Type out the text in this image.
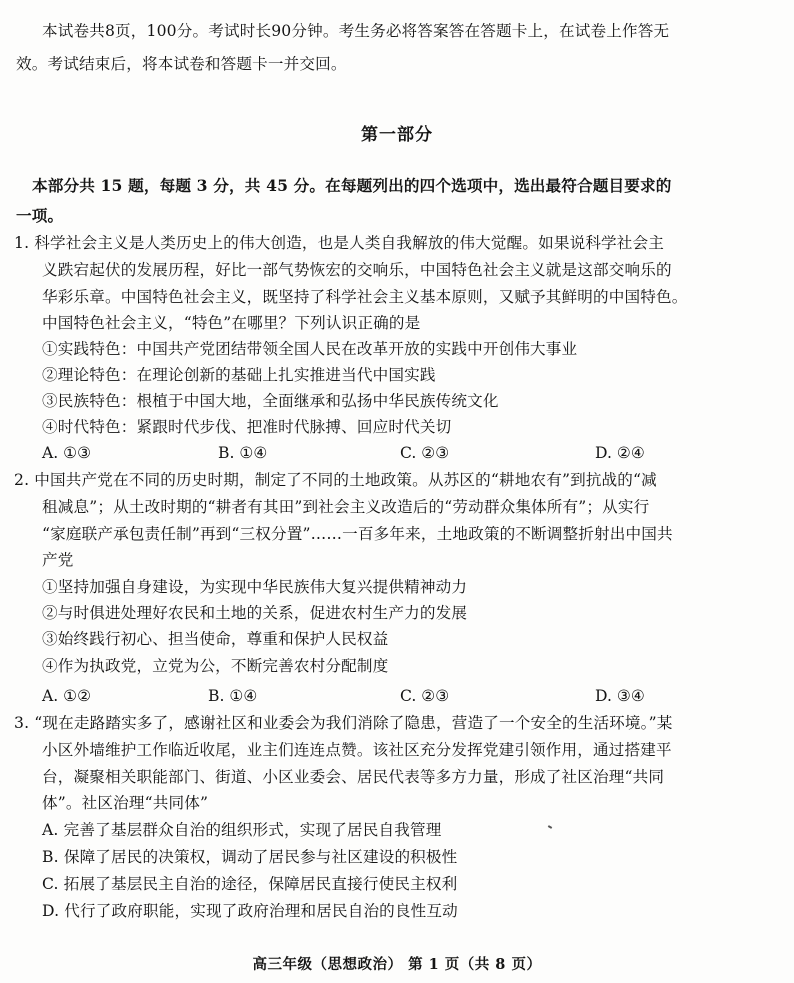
本试卷共8页，100分。考试时长90分钟。考生务必将答案答在答题卡上，在试卷上作答无
效。考试结束后，将本试卷和答题卡一并交回。
第一部分
本部分共 15 题，每题 3 分，共 45 分。在每题列出的四个选项中，选出最符合题目要求的
一项。
1. 科学社会主义是人类历史上的伟大创造，也是人类自我解放的伟大觉醒。如果说科学社会主
义跌宕起伏的发展历程，好比一部气势恢宏的交响乐，中国特色社会主义就是这部交响乐的
华彩乐章。中国特色社会主义，既坚持了科学社会主义基本原则，又赋予其鲜明的中国特色。
中国特色社会主义，“特色”在哪里？下列认识正确的是
①实践特色：中国共产党团结带领全国人民在改革开放的实践中开创伟大事业
②理论特色：在理论创新的基础上扎实推进当代中国实践
③民族特色：根植于中国大地，全面继承和弘扬中华民族传统文化
④时代特色：紧跟时代步伐、把准时代脉搏、回应时代关切
A. ①③	B. ①④	C. ②③	D. ②④
2. 中国共产党在不同的历史时期，制定了不同的土地政策。从苏区的“耕地农有”到抗战的“减
租减息”；从土改时期的“耕者有其田”到社会主义改造后的“劳动群众集体所有”；从实行
“家庭联产承包责任制”再到“三权分置”……一百多年来，土地政策的不断调整折射出中国共
产党
①坚持加强自身建设，为实现中华民族伟大复兴提供精神动力
②与时俱进处理好农民和土地的关系，促进农村生产力的发展
③始终践行初心、担当使命，尊重和保护人民权益
④作为执政党，立党为公，不断完善农村分配制度
A. ①②	B. ①④	C. ②③	D. ③④
3. “现在走路踏实多了，感谢社区和业委会为我们消除了隐患，营造了一个安全的生活环境。”某
小区外墙维护工作临近收尾，业主们连连点赞。该社区充分发挥党建引领作用，通过搭建平
台，凝聚相关职能部门、街道、小区业委会、居民代表等多方力量，形成了社区治理“共同
体”。社区治理“共同体”
A. 完善了基层群众自治的组织形式，实现了居民自我管理
B. 保障了居民的决策权，调动了居民参与社区建设的积极性
C. 拓展了基层民主自治的途径，保障居民直接行使民主权利
D. 代行了政府职能，实现了政府治理和居民自治的良性互动
高三年级（思想政治） 第 1 页（共 8 页）
